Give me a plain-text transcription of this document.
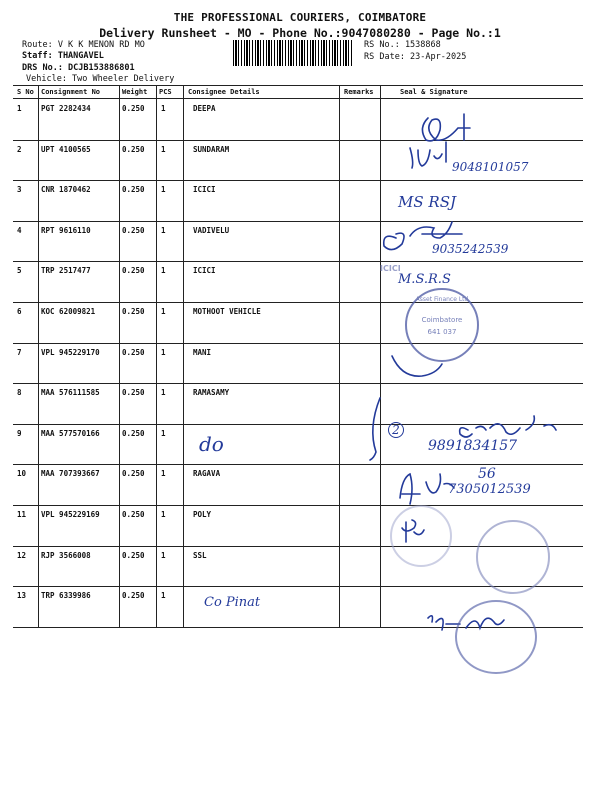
THE PROFESSIONAL COURIERS, COIMBATORE
Delivery Runsheet - MO - Phone No.:9047080280 - Page No.:1
Route: V K K MENON RD MO
Staff: THANGAVEL
DRS No.: DCJB153886801
Vehicle: Two Wheeler Delivery
RS No.: 1538868
RS Date: 23-Apr-2025
S No Consignment No	Weight PCS Consignee Details	Remarks	Seal & Signature
1	PGT 2282434	0.250 1	DEEPA
2	UPT 4100565	0.250 1	SUNDARAM
3	CNR 1870462	0.250 1	ICICI
4	RPT 9616110	0.250 1	VADIVELU
5	TRP 2517477	0.250 1	ICICI
6	KOC 62009821	0.250 1	MOTHOOT VEHICLE
7	VPL 945229170	0.250 1	MANI
8	MAA 576111585	0.250 1	RAMASAMY
9	MAA 577570166	0.250 1
10 MAA 707393667	0.250 1	RAGAVA
11 VPL 945229169	0.250 1	POLY
12 RJP 3566008	0.250 1	SSL
13 TRP 6339986	0.250 1
Asset Finance Ltd
Coimbatore
641 037
ICICI
9048101057
MS RSJ
9035242539
M.S.R.S
do	9891834157
2
7305012539
56
Co Pinat
